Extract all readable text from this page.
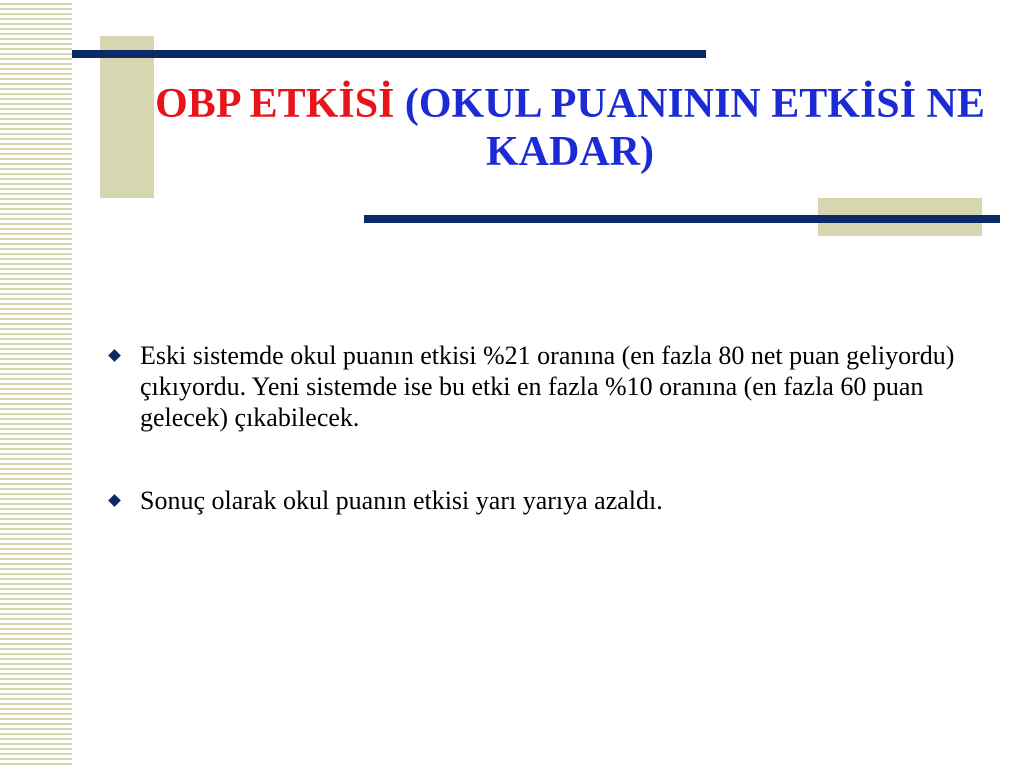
OBP ETKİSİ (OKUL PUANININ ETKİSİ NE KADAR)
Eski sistemde okul puanın etkisi %21 oranına (en fazla 80 net puan geliyordu) çıkıyordu. Yeni sistemde ise bu etki en fazla %10 oranına (en fazla 60 puan gelecek) çıkabilecek.
Sonuç olarak okul puanın etkisi yarı yarıya azaldı.
